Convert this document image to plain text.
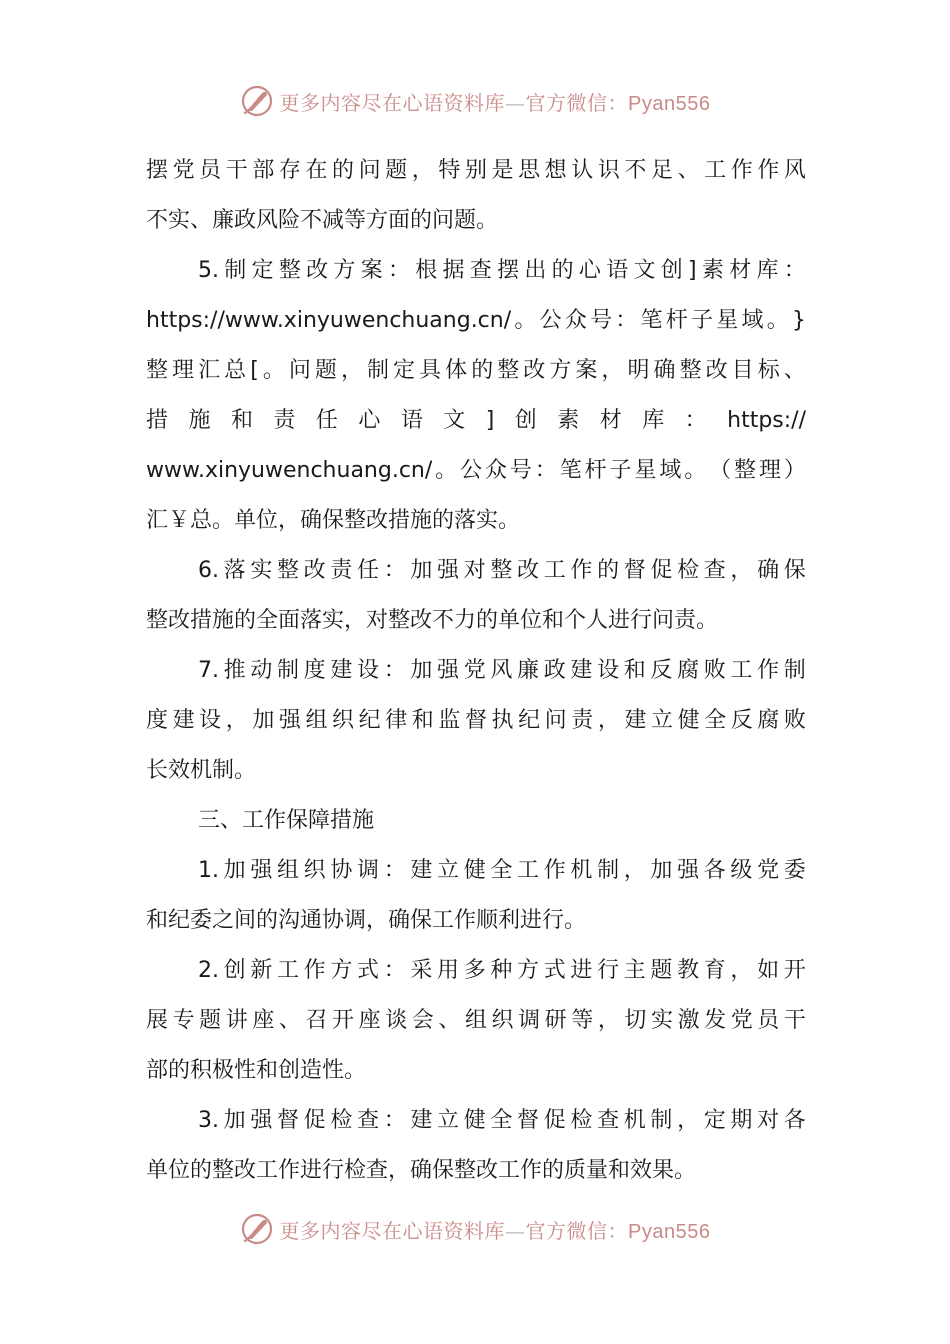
更多内容尽在心语资料库—官方微信：Pyan556
摆 党 员 干 部 存 在 的 问 题 ， 特 别 是 思 想 认 识 不 足 、 工 作 作 风
不实、廉政风险不减等方面的问题。
5. 制 定 整 改 方 案 ： 根 据 查 摆 出 的 心 语 文 创 ] 素 材 库 ：
https://www.xinyuwenchuang.cn/ 。 公 众 号 ： 笔 杆 子 星 域 。 }
整 理 汇 总 [ 。 问 题 ， 制 定 具 体 的 整 改 方 案 ， 明 确 整 改 目 标 、
措 施 和 责 任 心 语 文 ] 创 素 材 库 ： https://
www.xinyuwenchuang.cn/ 。 公 众 号 ： 笔 杆 子 星 域 。 （ 整 理 ）
汇￥总。单位，确保整改措施的落实。
6. 落 实 整 改 责 任 ： 加 强 对 整 改 工 作 的 督 促 检 查 ， 确 保
整改措施的全面落实，对整改不力的单位和个人进行问责。
7. 推 动 制 度 建 设 ： 加 强 党 风 廉 政 建 设 和 反 腐 败 工 作 制
度 建 设 ， 加 强 组 织 纪 律 和 监 督 执 纪 问 责 ， 建 立 健 全 反 腐 败
长效机制。
三、工作保障措施
1. 加 强 组 织 协 调 ： 建 立 健 全 工 作 机 制 ， 加 强 各 级 党 委
和纪委之间的沟通协调，确保工作顺利进行。
2. 创 新 工 作 方 式 ： 采 用 多 种 方 式 进 行 主 题 教 育 ， 如 开
展 专 题 讲 座 、 召 开 座 谈 会 、 组 织 调 研 等 ， 切 实 激 发 党 员 干
部的积极性和创造性。
3. 加 强 督 促 检 查 ： 建 立 健 全 督 促 检 查 机 制 ， 定 期 对 各
单位的整改工作进行检查，确保整改工作的质量和效果。
更多内容尽在心语资料库—官方微信：Pyan556
